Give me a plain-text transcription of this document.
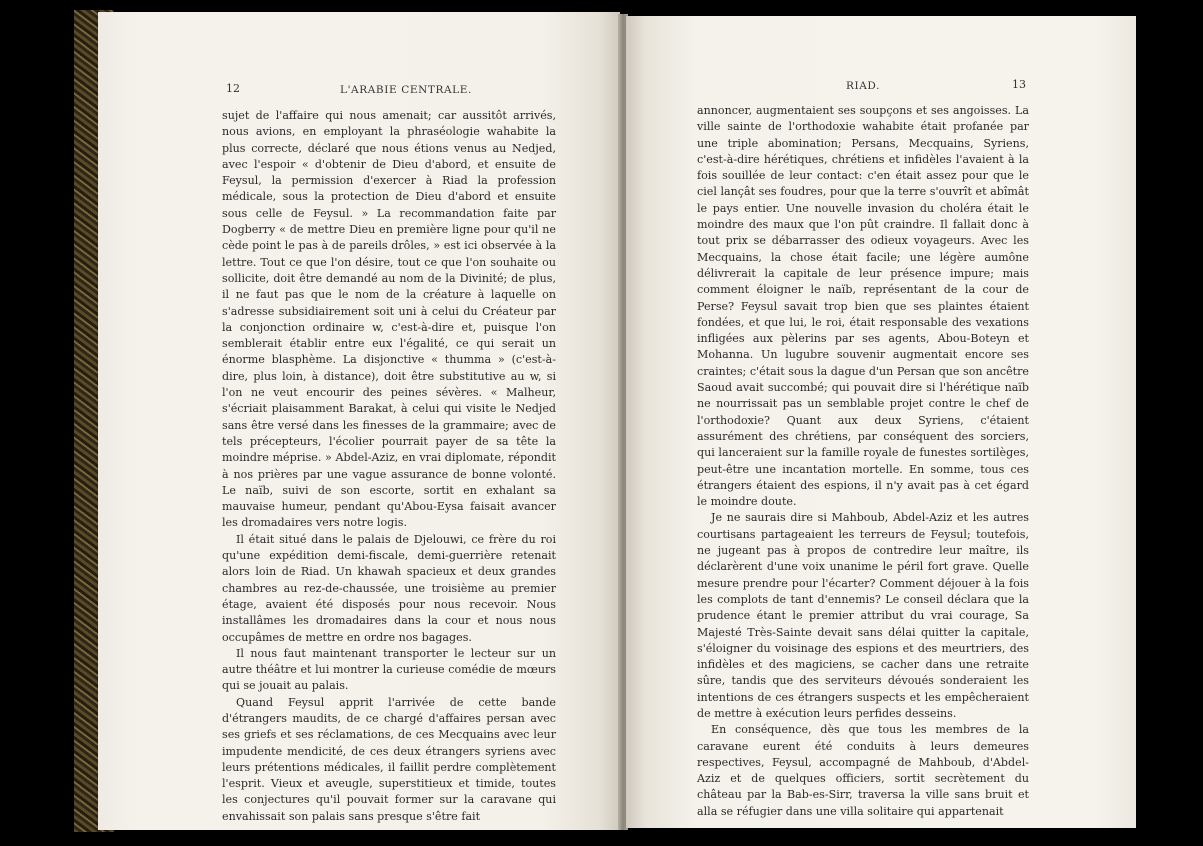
12	L'ARABIE CENTRALE.

sujet de l'affaire qui nous amenait; car aussitôt arrivés, nous avions, en employant la phraséologie wahabite la plus correcte, déclaré que nous étions venus au Nedjed, avec l'espoir « d'obtenir de Dieu d'abord, et ensuite de Feysul, la permission d'exercer à Riad la profession médicale, sous la protection de Dieu d'abord et ensuite sous celle de Feysul. » La recommandation faite par Dogberry « de mettre Dieu en première ligne pour qu'il ne cède point le pas à de pareils drôles, » est ici observée à la lettre. Tout ce que l'on désire, tout ce que l'on souhaite ou sollicite, doit être demandé au nom de la Divinité; de plus, il ne faut pas que le nom de la créature à laquelle on s'adresse subsidiairement soit uni à celui du Créateur par la conjonction ordinaire w, c'est-à-dire et, puisque l'on semblerait établir entre eux l'égalité, ce qui serait un énorme blasphème. La disjonctive « thumma » (c'est-à-dire, plus loin, à distance), doit être substitutive au w, si l'on ne veut encourir des peines sévères. « Malheur, s'écriait plaisamment Barakat, à celui qui visite le Nedjed sans être versé dans les finesses de la grammaire; avec de tels précepteurs, l'écolier pourrait payer de sa tête la moindre méprise. » Abdel-Aziz, en vrai diplomate, répondit à nos prières par une vague assurance de bonne volonté. Le naïb, suivi de son escorte, sortit en exhalant sa mauvaise humeur, pendant qu'Abou-Eysa faisait avancer les dromadaires vers notre logis.

Il était situé dans le palais de Djelouwi, ce frère du roi qu'une expédition demi-fiscale, demi-guerrière retenait alors loin de Riad. Un khawah spacieux et deux grandes chambres au rez-de-chaussée, une troisième au premier étage, avaient été disposés pour nous recevoir. Nous installâmes les dromadaires dans la cour et nous nous occupâmes de mettre en ordre nos bagages.

Il nous faut maintenant transporter le lecteur sur un autre théâtre et lui montrer la curieuse comédie de mœurs qui se jouait au palais.

Quand Feysul apprit l'arrivée de cette bande d'étrangers maudits, de ce chargé d'affaires persan avec ses griefs et ses réclamations, de ces Mecquains avec leur impudente mendicité, de ces deux étrangers syriens avec leurs prétentions médicales, il faillit perdre complètement l'esprit. Vieux et aveugle, superstitieux et timide, toutes les conjectures qu'il pouvait former sur la caravane qui envahissait son palais sans presque s'être fait

RIAD.	13

annoncer, augmentaient ses soupçons et ses angoisses. La ville sainte de l'orthodoxie wahabite était profanée par une triple abomination; Persans, Mecquains, Syriens, c'est-à-dire hérétiques, chrétiens et infidèles l'avaient à la fois souillée de leur contact: c'en était assez pour que le ciel lançât ses foudres, pour que la terre s'ouvrît et abîmât le pays entier. Une nouvelle invasion du choléra était le moindre des maux que l'on pût craindre. Il fallait donc à tout prix se débarrasser des odieux voyageurs. Avec les Mecquains, la chose était facile; une légère aumône délivrerait la capitale de leur présence impure; mais comment éloigner le naïb, représentant de la cour de Perse? Feysul savait trop bien que ses plaintes étaient fondées, et que lui, le roi, était responsable des vexations infligées aux pèlerins par ses agents, Abou-Boteyn et Mohanna. Un lugubre souvenir augmentait encore ses craintes; c'était sous la dague d'un Persan que son ancêtre Saoud avait succombé; qui pouvait dire si l'hérétique naïb ne nourrissait pas un semblable projet contre le chef de l'orthodoxie? Quant aux deux Syriens, c'étaient assurément des chrétiens, par conséquent des sorciers, qui lanceraient sur la famille royale de funestes sortilèges, peut-être une incantation mortelle. En somme, tous ces étrangers étaient des espions, il n'y avait pas à cet égard le moindre doute.

Je ne saurais dire si Mahboub, Abdel-Aziz et les autres courtisans partageaient les terreurs de Feysul; toutefois, ne jugeant pas à propos de contredire leur maître, ils déclarèrent d'une voix unanime le péril fort grave. Quelle mesure prendre pour l'écarter? Comment déjouer à la fois les complots de tant d'ennemis? Le conseil déclara que la prudence étant le premier attribut du vrai courage, Sa Majesté Très-Sainte devait sans délai quitter la capitale, s'éloigner du voisinage des espions et des meurtriers, des infidèles et des magiciens, se cacher dans une retraite sûre, tandis que des serviteurs dévoués sonderaient les intentions de ces étrangers suspects et les empêcheraient de mettre à exécution leurs perfides desseins.

En conséquence, dès que tous les membres de la caravane eurent été conduits à leurs demeures respectives, Feysul, accompagné de Mahboub, d'Abdel-Aziz et de quelques officiers, sortit secrètement du château par la Bab-es-Sirr, traversa la ville sans bruit et alla se réfugier dans une villa solitaire qui appartenait
